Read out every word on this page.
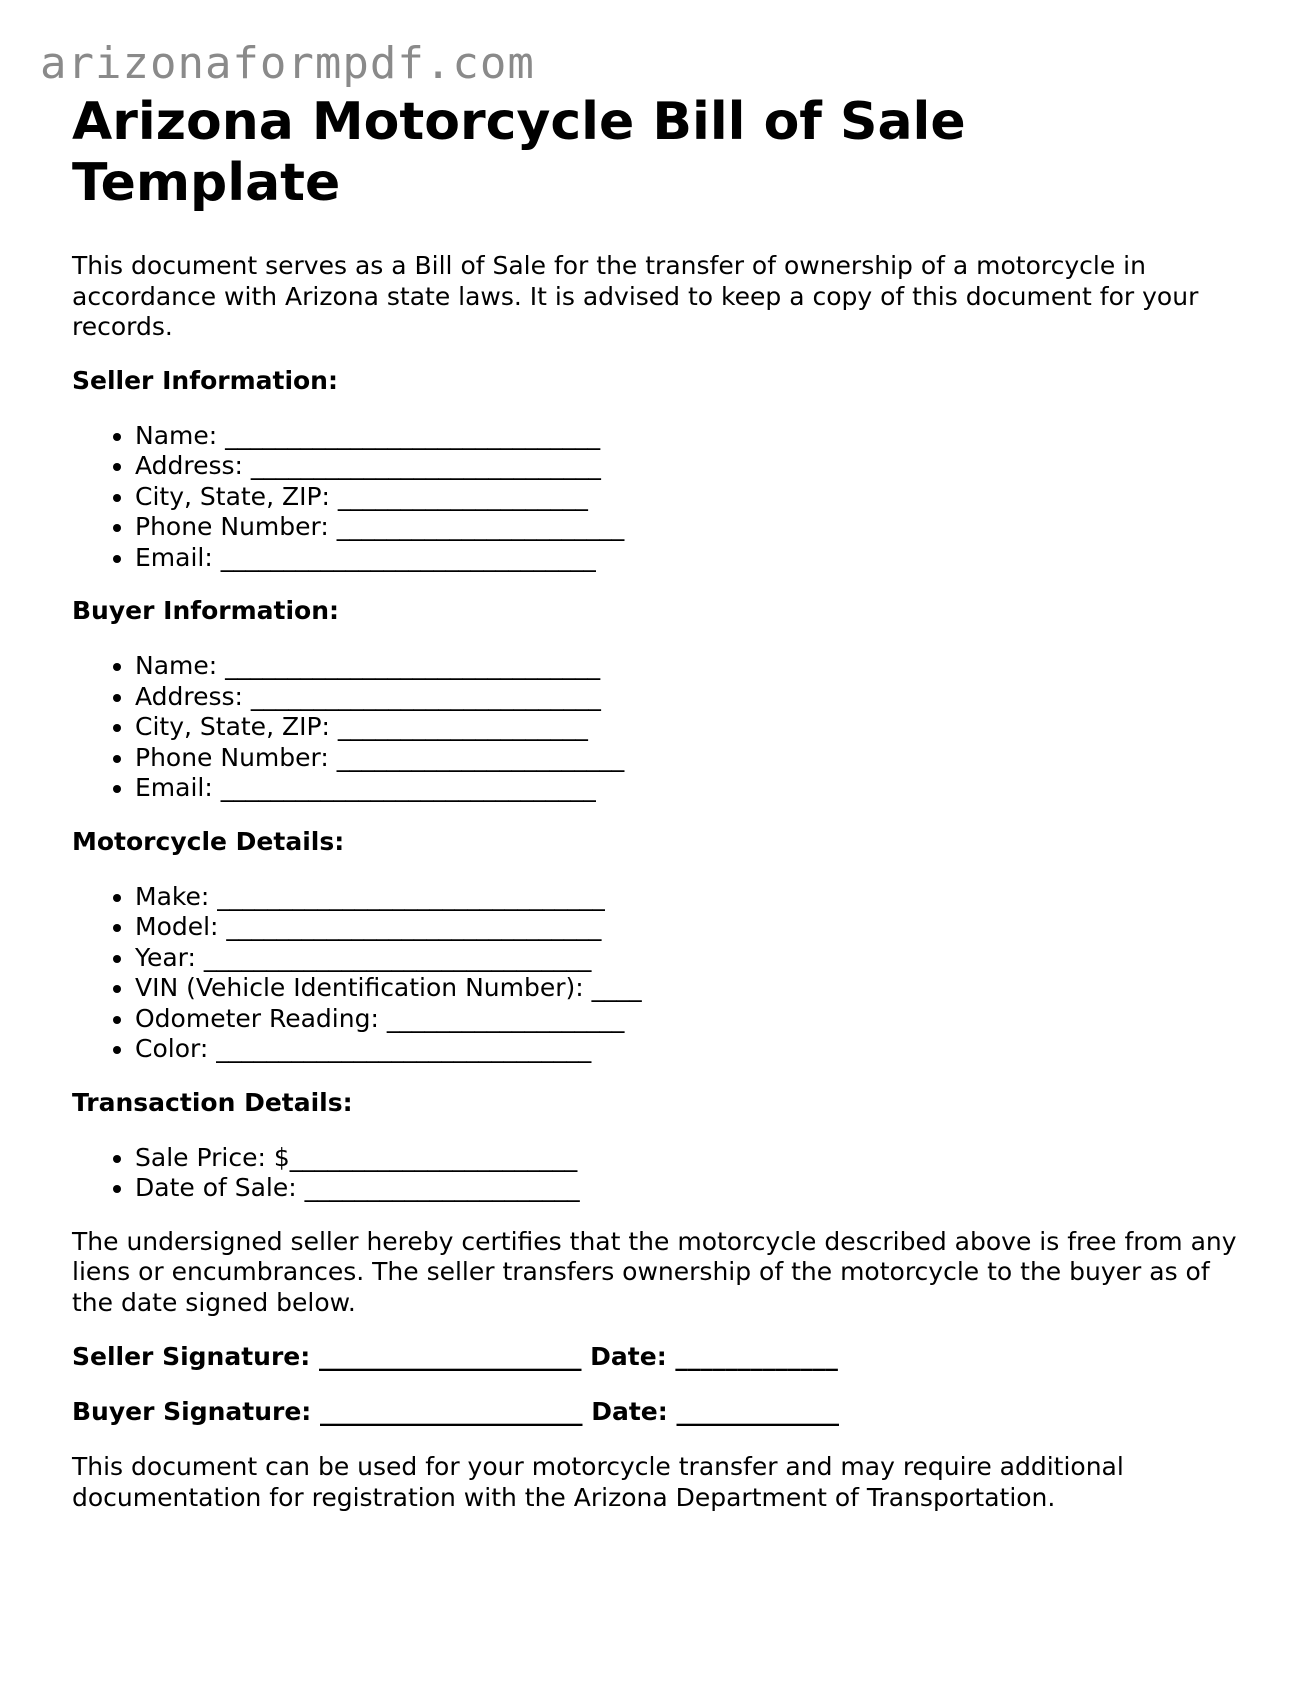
arizonaformpdf.com
Arizona Motorcycle Bill of Sale Template

This document serves as a Bill of Sale for the transfer of ownership of a motorcycle in accordance with Arizona state laws. It is advised to keep a copy of this document for your records.

Seller Information:
• Name: ______________________________
• Address: ____________________________
• City, State, ZIP: ____________________
• Phone Number: _______________________
• Email: ______________________________
Buyer Information:
• Name: ______________________________
• Address: ____________________________
• City, State, ZIP: ____________________
• Phone Number: _______________________
• Email: ______________________________
Motorcycle Details:
• Make: _______________________________
• Model: ______________________________
• Year: _______________________________
• VIN (Vehicle Identification Number): ____
• Odometer Reading: ___________________
• Color: ______________________________
Transaction Details:
• Sale Price: $_______________________
• Date of Sale: ______________________

The undersigned seller hereby certifies that the motorcycle described above is free from any liens or encumbrances. The seller transfers ownership of the motorcycle to the buyer as of the date signed below.

Seller Signature: _____________________ Date: _____________
Buyer Signature: _____________________ Date: _____________

This document can be used for your motorcycle transfer and may require additional documentation for registration with the Arizona Department of Transportation.
